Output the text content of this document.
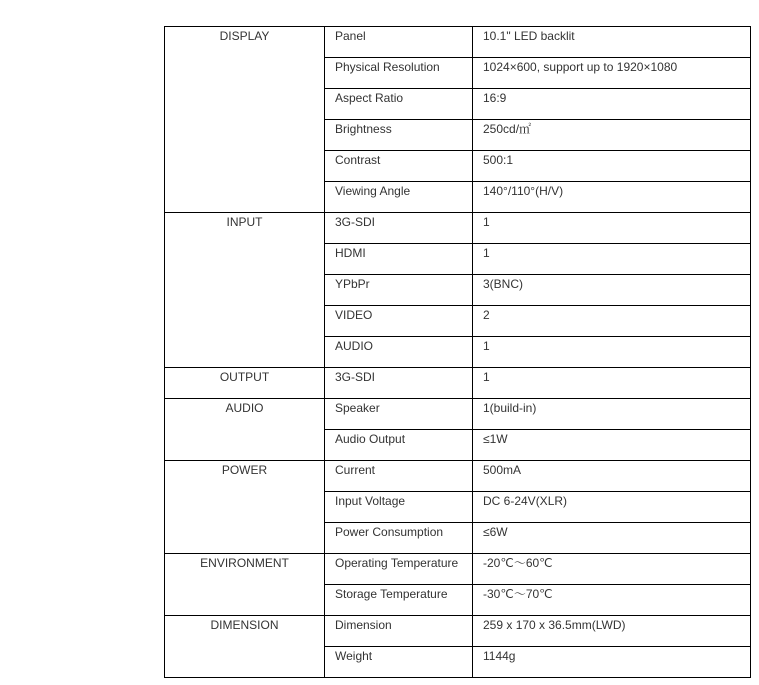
DISPLAY	Panel	10.1" LED backlit

	Physical Resolution	1024×600, support up to 1920×1080

	Aspect Ratio	16:9

	Brightness	250cd/㎡

	Contrast	500:1

	Viewing Angle	140°/110°(H/V)

INPUT	3G-SDI	1

	HDMI	1

	YPbPr	3(BNC)

	VIDEO	2

	AUDIO	1

OUTPUT	3G-SDI	1

AUDIO	Speaker	1(build-in)

	Audio Output	≤1W

POWER	Current	500mA

	Input Voltage	DC 6-24V(XLR)

	Power Consumption	≤6W

ENVIRONMENT	Operating Temperature	-20℃～60℃

	Storage Temperature	-30℃～70℃

DIMENSION	Dimension	259 x 170 x 36.5mm(LWD)

	Weight	1144g
